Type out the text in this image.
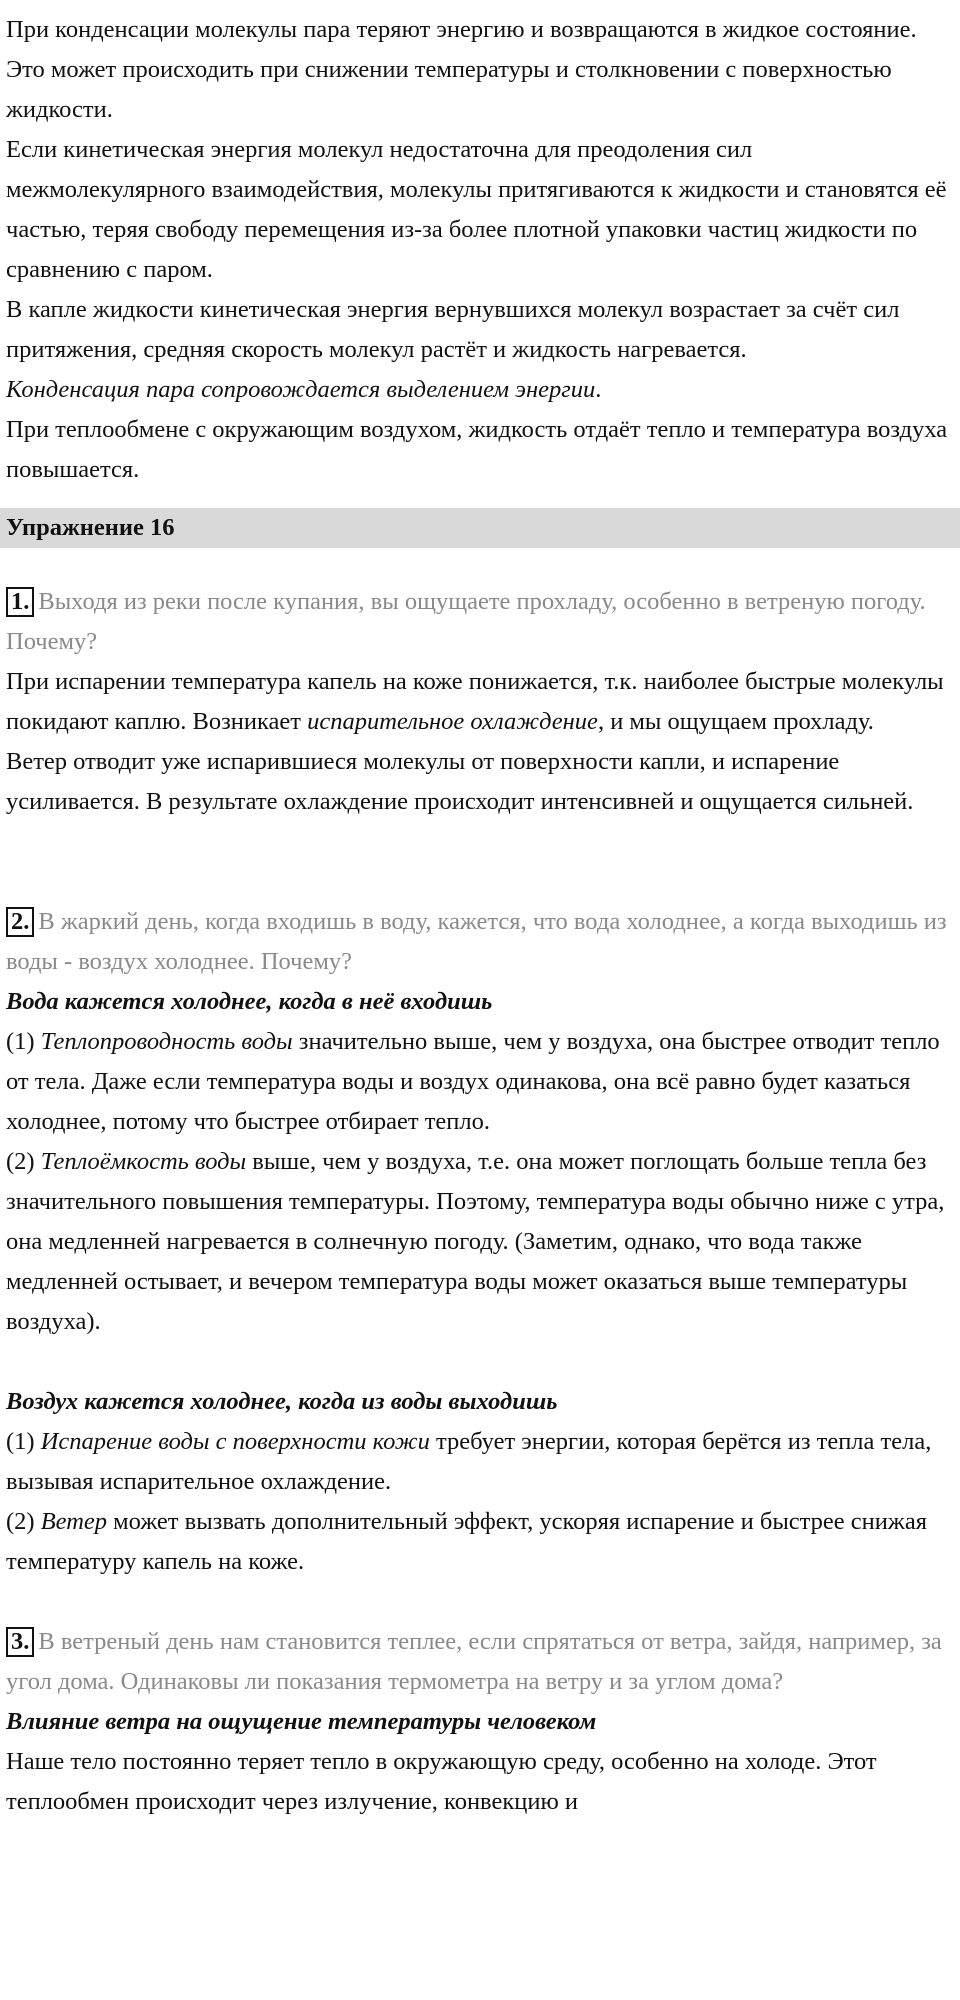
При конденсации молекулы пара теряют энергию и возвращаются в жидкое состояние. Это может происходить при снижении температуры и столкновении с поверхностью жидкости.

Если кинетическая энергия молекул недостаточна для преодоления сил межмолекулярного взаимодействия, молекулы притягиваются к жидкости и становятся её частью, теряя свободу перемещения из-за более плотной упаковки частиц жидкости по сравнению с паром.

В капле жидкости кинетическая энергия вернувшихся молекул возрастает за счёт сил притяжения, средняя скорость молекул растёт и жидкость нагревается.

Конденсация пара сопровождается выделением энергии.

При теплообмене с окружающим воздухом, жидкость отдаёт тепло и температура воздуха повышается.

Упражнение 16

1. Выходя из реки после купания, вы ощущаете прохладу, особенно в ветреную погоду. Почему?

При испарении температура капель на коже понижается, т.к. наиболее быстрые молекулы покидают каплю. Возникает испарительное охлаждение, и мы ощущаем прохладу.

Ветер отводит уже испарившиеся молекулы от поверхности капли, и испарение усиливается. В результате охлаждение происходит интенсивней и ощущается сильней.

2. В жаркий день, когда входишь в воду, кажется, что вода холоднее, а когда выходишь из воды - воздух холоднее. Почему?

Вода кажется холоднее, когда в неё входишь

(1) Теплопроводность воды значительно выше, чем у воздуха, она быстрее отводит тепло от тела. Даже если температура воды и воздух одинакова, она всё равно будет казаться холоднее, потому что быстрее отбирает тепло.

(2) Теплоёмкость воды выше, чем у воздуха, т.е. она может поглощать больше тепла без значительного повышения температуры. Поэтому, температура воды обычно ниже с утра, она медленней нагревается в солнечную погоду. (Заметим, однако, что вода также медленней остывает, и вечером температура воды может оказаться выше температуры воздуха).

Воздух кажется холоднее, когда из воды выходишь

(1) Испарение воды с поверхности кожи требует энергии, которая берётся из тепла тела, вызывая испарительное охлаждение.

(2) Ветер может вызвать дополнительный эффект, ускоряя испарение и быстрее снижая температуру капель на коже.

3. В ветреный день нам становится теплее, если спрятаться от ветра, зайдя, например, за угол дома. Одинаковы ли показания термометра на ветру и за углом дома?

Влияние ветра на ощущение температуры человеком

Наше тело постоянно теряет тепло в окружающую среду, особенно на холоде. Этот теплообмен происходит через излучение, конвекцию и
